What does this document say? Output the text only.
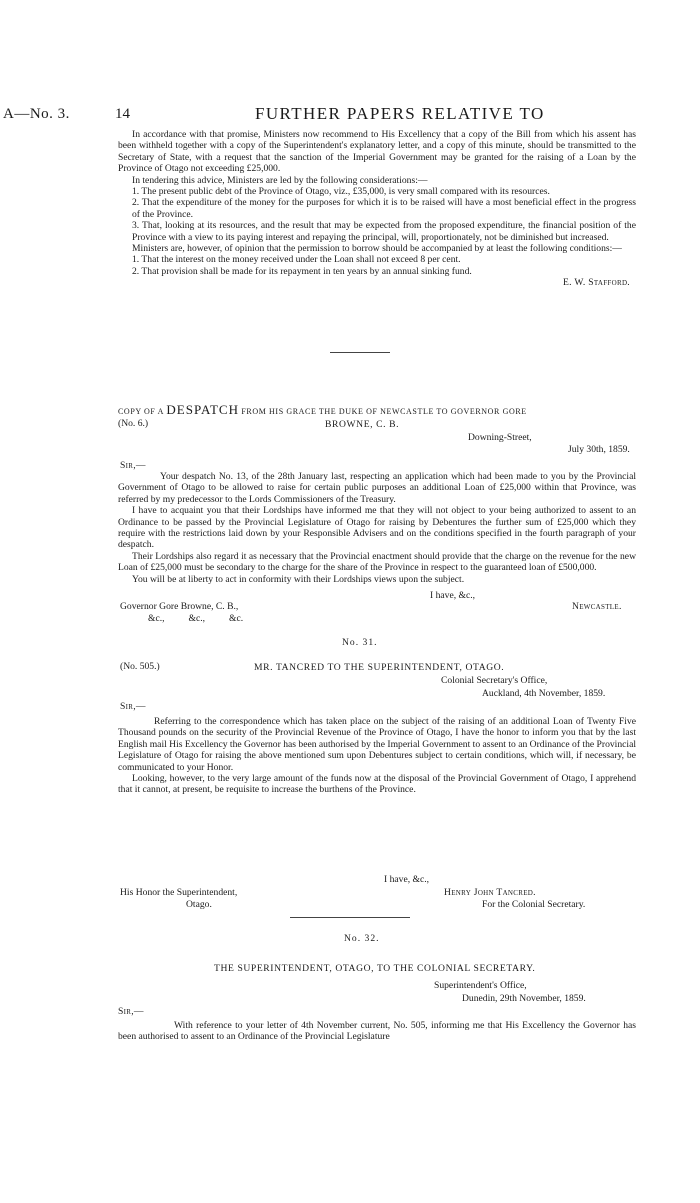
A—No. 3.	14	FURTHER PAPERS RELATIVE TO

In accordance with that promise, Ministers now recommend to His Excellency that a copy of the Bill from which his assent has been withheld together with a copy of the Superintendent's explanatory letter, and a copy of this minute, should be transmitted to the Secretary of State, with a request that the sanction of the Imperial Government may be granted for the raising of a Loan by the Province of Otago not exceeding £25,000.

In tendering this advice, Ministers are led by the following considerations:—

1. The present public debt of the Province of Otago, viz., £35,000, is very small compared with its resources.

2. That the expenditure of the money for the purposes for which it is to be raised will have a most beneficial effect in the progress of the Province.

3. That, looking at its resources, and the result that may be expected from the proposed expenditure, the financial position of the Province with a view to its paying interest and repaying the principal, will, proportionately, not be diminished but increased.

Ministers are, however, of opinion that the permission to borrow should be accompanied by at least the following conditions:—

1. That the interest on the money received under the Loan shall not exceed 8 per cent.

2. That provision shall be made for its repayment in ten years by an annual sinking fund.

E. W. Stafford.

COPY OF A DESPATCH FROM HIS GRACE THE DUKE OF NEWCASTLE TO GOVERNOR GORE
(No. 6.)	BROWNE, C. B.
Downing-Street,
July 30th, 1859.
Sir,—

Your despatch No. 13, of the 28th January last, respecting an application which had been made to you by the Provincial Government of Otago to be allowed to raise for certain public purposes an additional Loan of £25,000 within that Province, was referred by my predecessor to the Lords Commissioners of the Treasury.

I have to acquaint you that their Lordships have informed me that they will not object to your being authorized to assent to an Ordinance to be passed by the Provincial Legislature of Otago for raising by Debentures the further sum of £25,000 which they require with the restrictions laid down by your Responsible Advisers and on the conditions specified in the fourth paragraph of your despatch.

Their Lordships also regard it as necessary that the Provincial enactment should provide that the charge on the revenue for the new Loan of £25,000 must be secondary to the charge for the share of the Province in respect to the guaranteed loan of £500,000.

You will be at liberty to act in conformity with their Lordships views upon the subject.

I have, &c.,
Newcastle.
Governor Gore Browne, C. B.,
&c.,          &c.,          &c.
No. 31.
(No. 505.)	MR. TANCRED TO THE SUPERINTENDENT, OTAGO.
Colonial Secretary's Office,
Auckland, 4th November, 1859.
Sir,—

Referring to the correspondence which has taken place on the subject of the raising of an additional Loan of Twenty Five Thousand pounds on the security of the Provincial Revenue of the Province of Otago, I have the honor to inform you that by the last English mail His Excellency the Governor has been authorised by the Imperial Government to assent to an Ordinance of the Provincial Legislature of Otago for raising the above mentioned sum upon Debentures subject to certain conditions, which will, if necessary, be communicated to your Honor.

Looking, however, to the very large amount of the funds now at the disposal of the Provincial Government of Otago, I apprehend that it cannot, at present, be requisite to increase the burthens of the Province.

I have, &c.,
His Honor the Superintendent,
Otago.
Henry John Tancred.
For the Colonial Secretary.
No. 32.
THE SUPERINTENDENT, OTAGO, TO THE COLONIAL SECRETARY.
Superintendent's Office,
Dunedin, 29th November, 1859.
Sir,—

With reference to your letter of 4th November current, No. 505, informing me that His Excellency the Governor has been authorised to assent to an Ordinance of the Provincial Legislature
